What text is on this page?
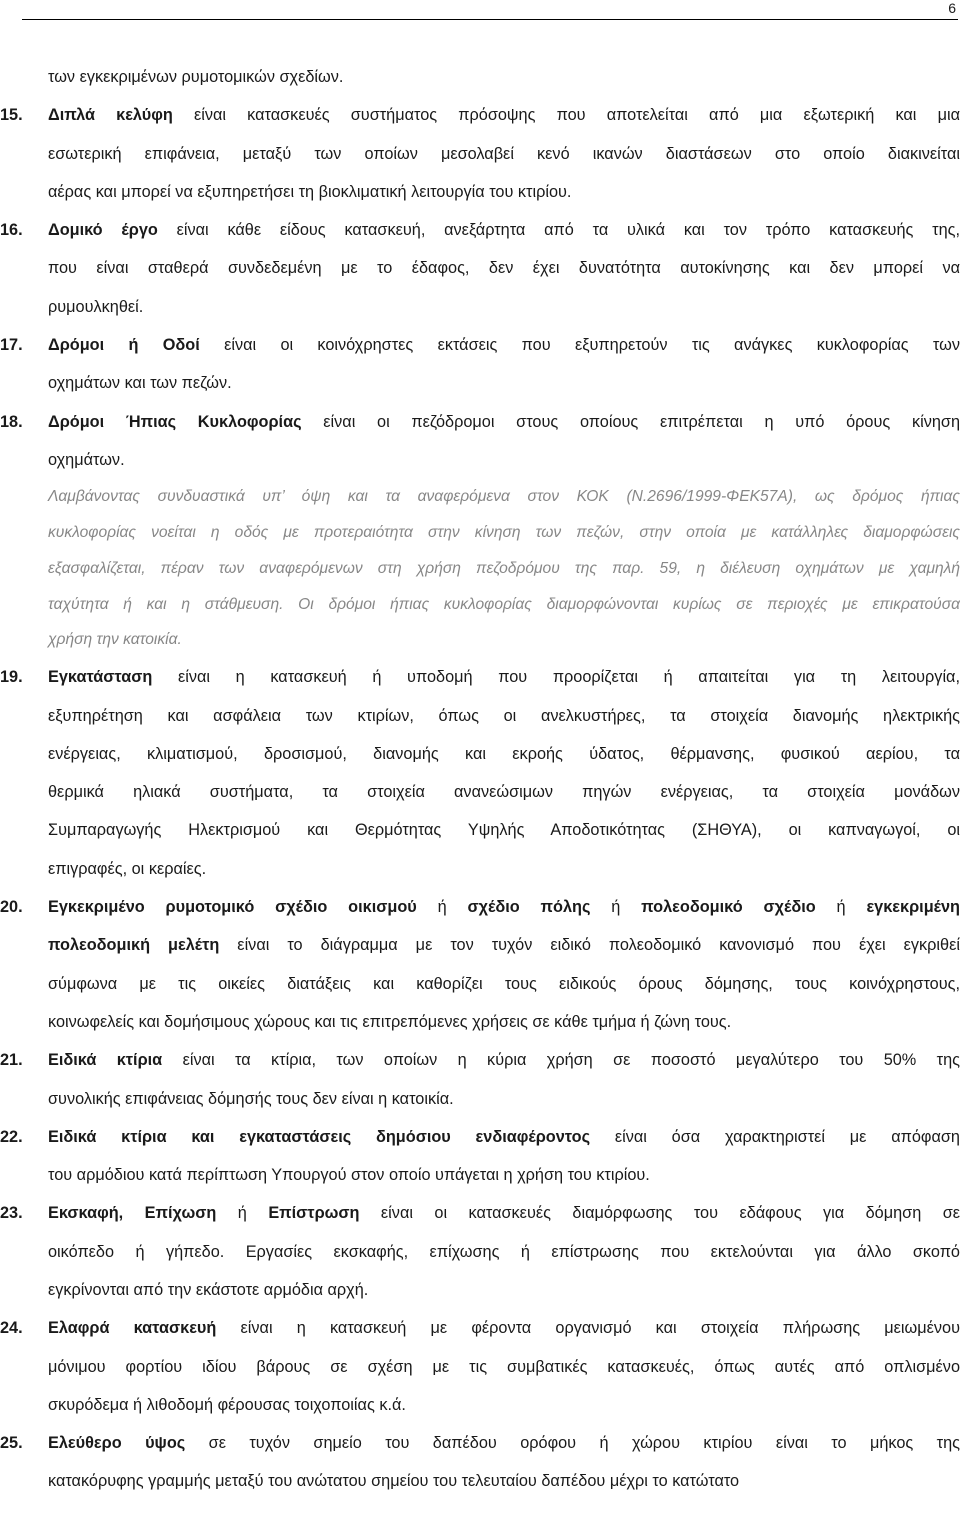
6
των εγκεκριμένων ρυμοτομικών σχεδίων.
15. Διπλά κελύφη είναι κατασκευές συστήματος πρόσοψης που αποτελείται από μια εξωτερική και μια
εσωτερική επιφάνεια, μεταξύ των οποίων μεσολαβεί κενό ικανών διαστάσεων στο οποίο διακινείται
αέρας και μπορεί να εξυπηρετήσει τη βιοκλιματική λειτουργία του κτιρίου.
16. Δομικό έργο είναι κάθε είδους κατασκευή, ανεξάρτητα από τα υλικά και τον τρόπο κατασκευής της,
που είναι σταθερά συνδεδεμένη με το έδαφος, δεν έχει δυνατότητα αυτοκίνησης και δεν μπορεί να
ρυμουλκηθεί.
17. Δρόμοι ή Οδοί είναι οι κοινόχρηστες εκτάσεις που εξυπηρετούν τις ανάγκες κυκλοφορίας των
οχημάτων και των πεζών.
18. Δρόμοι Ήπιας Κυκλοφορίας είναι οι πεζόδρομοι στους οποίους επιτρέπεται η υπό όρους κίνηση
οχημάτων.
Λαμβάνοντας συνδυαστικά υπ’ όψη και τα αναφερόμενα στον ΚΟΚ (Ν.2696/1999-ΦΕΚ57Α), ως δρόμος ήπιας
κυκλοφορίας νοείται η οδός με προτεραιότητα στην κίνηση των πεζών, στην οποία με κατάλληλες διαμορφώσεις
εξασφαλίζεται, πέραν των αναφερόμενων στη χρήση πεζοδρόμου της παρ. 59, η διέλευση οχημάτων με χαμηλή
ταχύτητα ή και η στάθμευση. Οι δρόμοι ήπιας κυκλοφορίας διαμορφώνονται κυρίως σε περιοχές με επικρατούσα
χρήση την κατοικία.
19. Εγκατάσταση είναι η κατασκευή ή υποδομή που προορίζεται ή απαιτείται για τη λειτουργία,
εξυπηρέτηση και ασφάλεια των κτιρίων, όπως οι ανελκυστήρες, τα στοιχεία διανομής ηλεκτρικής
ενέργειας, κλιματισμού, δροσισμού, διανομής και εκροής ύδατος, θέρμανσης, φυσικού αερίου, τα
θερμικά ηλιακά συστήματα, τα στοιχεία ανανεώσιμων πηγών ενέργειας, τα στοιχεία μονάδων
Συμπαραγωγής Ηλεκτρισμού και Θερμότητας Υψηλής Αποδοτικότητας (ΣΗΘΥΑ), οι καπναγωγοί, οι
επιγραφές, οι κεραίες.
20. Εγκεκριμένο ρυμοτομικό σχέδιο οικισμού ή σχέδιο πόλης ή πολεοδομικό σχέδιο ή εγκεκριμένη
πολεοδομική μελέτη είναι το διάγραμμα με τον τυχόν ειδικό πολεοδομικό κανονισμό που έχει εγκριθεί
σύμφωνα με τις οικείες διατάξεις και καθορίζει τους ειδικούς όρους δόμησης, τους κοινόχρηστους,
κοινωφελείς και δομήσιμους χώρους και τις επιτρεπόμενες χρήσεις σε κάθε τμήμα ή ζώνη τους.
21. Ειδικά κτίρια είναι τα κτίρια, των οποίων η κύρια χρήση σε ποσοστό μεγαλύτερο του 50% της
συνολικής επιφάνειας δόμησής τους δεν είναι η κατοικία.
22. Ειδικά κτίρια και εγκαταστάσεις δημόσιου ενδιαφέροντος είναι όσα χαρακτηριστεί με απόφαση
του αρμόδιου κατά περίπτωση Υπουργού στον οποίο υπάγεται η χρήση του κτιρίου.
23. Εκσκαφή, Επίχωση ή Επίστρωση είναι οι κατασκευές διαμόρφωσης του εδάφους για δόμηση σε
οικόπεδο ή γήπεδο. Εργασίες εκσκαφής, επίχωσης ή επίστρωσης που εκτελούνται για άλλο σκοπό
εγκρίνονται από την εκάστοτε αρμόδια αρχή.
24. Ελαφρά κατασκευή είναι η κατασκευή με φέροντα οργανισμό και στοιχεία πλήρωσης μειωμένου
μόνιμου φορτίου ιδίου βάρους σε σχέση με τις συμβατικές κατασκευές, όπως αυτές από οπλισμένο
σκυρόδεμα ή λιθοδομή φέρουσας τοιχοποιίας κ.ά.
25. Ελεύθερο ύψος σε τυχόν σημείο του δαπέδου ορόφου ή χώρου κτιρίου είναι το μήκος της
κατακόρυφης γραμμής μεταξύ του ανώτατου σημείου του τελευταίου δαπέδου μέχρι το κατώτατο
